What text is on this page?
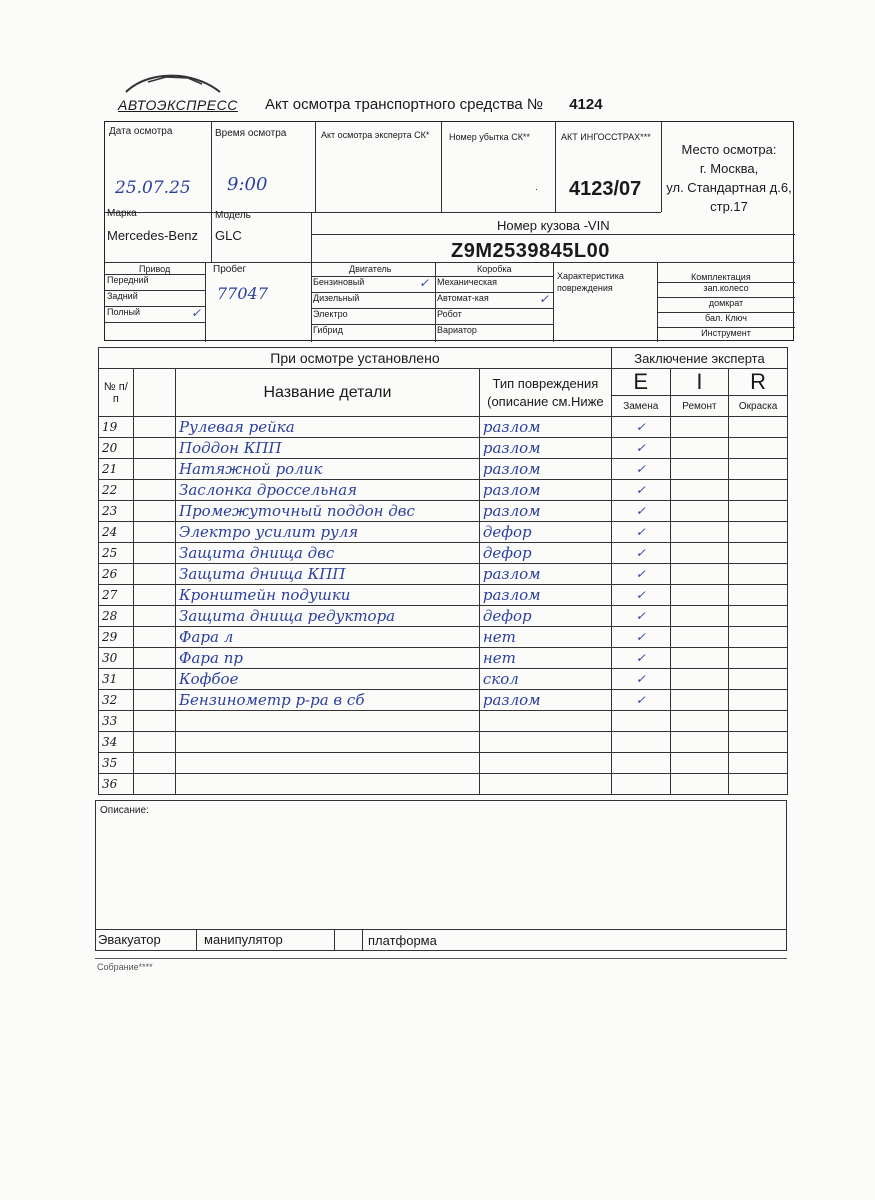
АВТОЭКСПРЕСС Акт осмотра транспортного средства № 4124
Дата осмотра
25.07.25
Время осмотра
9:00
Акт осмотра эксперта СК* Номер убытка СК**
.
АКТ ИНГОССТРАХ***
4123/07
Место осмотра:
г. Москва,
ул. Стандартная д.6,
стр.17
Марка
Mercedes-Benz
Модель
GLC
Номер кузова -VIN
Z9M2539845L00
Привод
Передний
Задний
Полный	✓
Пробег
77047
Двигатель
Бензиновый	✓
Дизельный
Электро
Гибрид
Коробка
Механическая
Автомат-кая	✓
Робот
Вариатор
Характеристика
повреждения
Комплектация
зап.колесо
домкрат
бал. Ключ
Инструмент
При осмотре установлено				Заключение эксперта		
№ п/п		Название детали	Тип повреждения
(описание см.Ниже	E	I	R
				Замена	Ремонт	Окраска
19		Рулевая рейка	разлом	✓		
20		Поддон КПП	разлом	✓		
21		Натяжной ролик	разлом	✓		
22		Заслонка дроссельная	разлом	✓		
23		Промежуточный поддон двс	разлом	✓		
24		Электро усилит руля	дефор	✓		
25		Защита днища двс	дефор	✓		
26		Защита днища КПП	разлом	✓		
27		Кронштейн подушки	разлом	✓		
28		Защита днища редуктора	дефор	✓		
29		Фара л	нет	✓		
30		Фара пр	нет	✓		
31		Кофбое	скол	✓		
32		Бензинометр р-ра в сб	разлом	✓		
33						
34						
35						
36						
Описание:
Эвакуатор	манипулятор	платформа
Собрание****
